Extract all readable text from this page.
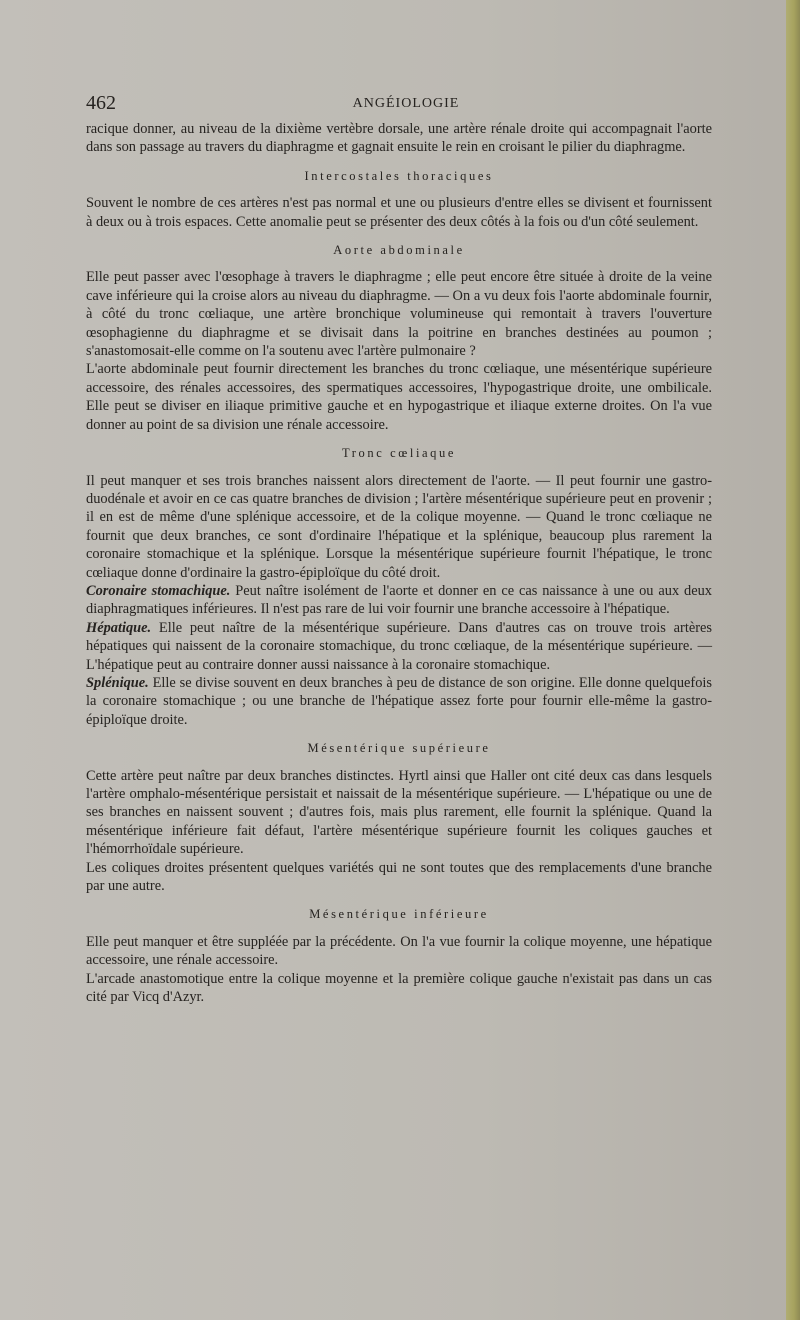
462	ANGÉIOLOGIE

racique donner, au niveau de la dixième vertèbre dorsale, une artère rénale droite qui accompagnait l'aorte dans son passage au travers du diaphragme et gagnait ensuite le rein en croisant le pilier du diaphragme.

Intercostales thoraciques

Souvent le nombre de ces artères n'est pas normal et une ou plusieurs d'entre elles se divisent et fournissent à deux ou à trois espaces. Cette anomalie peut se présenter des deux côtés à la fois ou d'un côté seulement.

Aorte abdominale

Elle peut passer avec l'œsophage à travers le diaphragme ; elle peut encore être située à droite de la veine cave inférieure qui la croise alors au niveau du diaphragme. — On a vu deux fois l'aorte abdominale fournir, à côté du tronc cœliaque, une artère bronchique volumineuse qui remontait à travers l'ouverture œsophagienne du diaphragme et se divisait dans la poitrine en branches destinées au poumon ; s'anastomosait-elle comme on l'a soutenu avec l'artère pulmonaire ?

L'aorte abdominale peut fournir directement les branches du tronc cœliaque, une mésentérique supérieure accessoire, des rénales accessoires, des spermatiques accessoires, l'hypogastrique droite, une ombilicale. Elle peut se diviser en iliaque primitive gauche et en hypogastrique et iliaque externe droites. On l'a vue donner au point de sa division une rénale accessoire.

Tronc cœliaque

Il peut manquer et ses trois branches naissent alors directement de l'aorte. — Il peut fournir une gastro-duodénale et avoir en ce cas quatre branches de division ; l'artère mésentérique supérieure peut en provenir ; il en est de même d'une splénique accessoire, et de la colique moyenne. — Quand le tronc cœliaque ne fournit que deux branches, ce sont d'ordinaire l'hépatique et la splénique, beaucoup plus rarement la coronaire stomachique et la splénique. Lorsque la mésentérique supérieure fournit l'hépatique, le tronc cœliaque donne d'ordinaire la gastro-épiploïque du côté droit.

Coronaire stomachique. Peut naître isolément de l'aorte et donner en ce cas naissance à une ou aux deux diaphragmatiques inférieures. Il n'est pas rare de lui voir fournir une branche accessoire à l'hépatique.

Hépatique. Elle peut naître de la mésentérique supérieure. Dans d'autres cas on trouve trois artères hépatiques qui naissent de la coronaire stomachique, du tronc cœliaque, de la mésentérique supérieure. — L'hépatique peut au contraire donner aussi naissance à la coronaire stomachique.

Splénique. Elle se divise souvent en deux branches à peu de distance de son origine. Elle donne quelquefois la coronaire stomachique ; ou une branche de l'hépatique assez forte pour fournir elle-même la gastro-épiploïque droite.

Mésentérique supérieure

Cette artère peut naître par deux branches distinctes. Hyrtl ainsi que Haller ont cité deux cas dans lesquels l'artère omphalo-mésentérique persistait et naissait de la mésentérique supérieure. — L'hépatique ou une de ses branches en naissent souvent ; d'autres fois, mais plus rarement, elle fournit la splénique. Quand la mésentérique inférieure fait défaut, l'artère mésentérique supérieure fournit les coliques gauches et l'hémorrhoïdale supérieure.

Les coliques droites présentent quelques variétés qui ne sont toutes que des remplacements d'une branche par une autre.

Mésentérique inférieure

Elle peut manquer et être suppléée par la précédente. On l'a vue fournir la colique moyenne, une hépatique accessoire, une rénale accessoire.

L'arcade anastomotique entre la colique moyenne et la première colique gauche n'existait pas dans un cas cité par Vicq d'Azyr.
